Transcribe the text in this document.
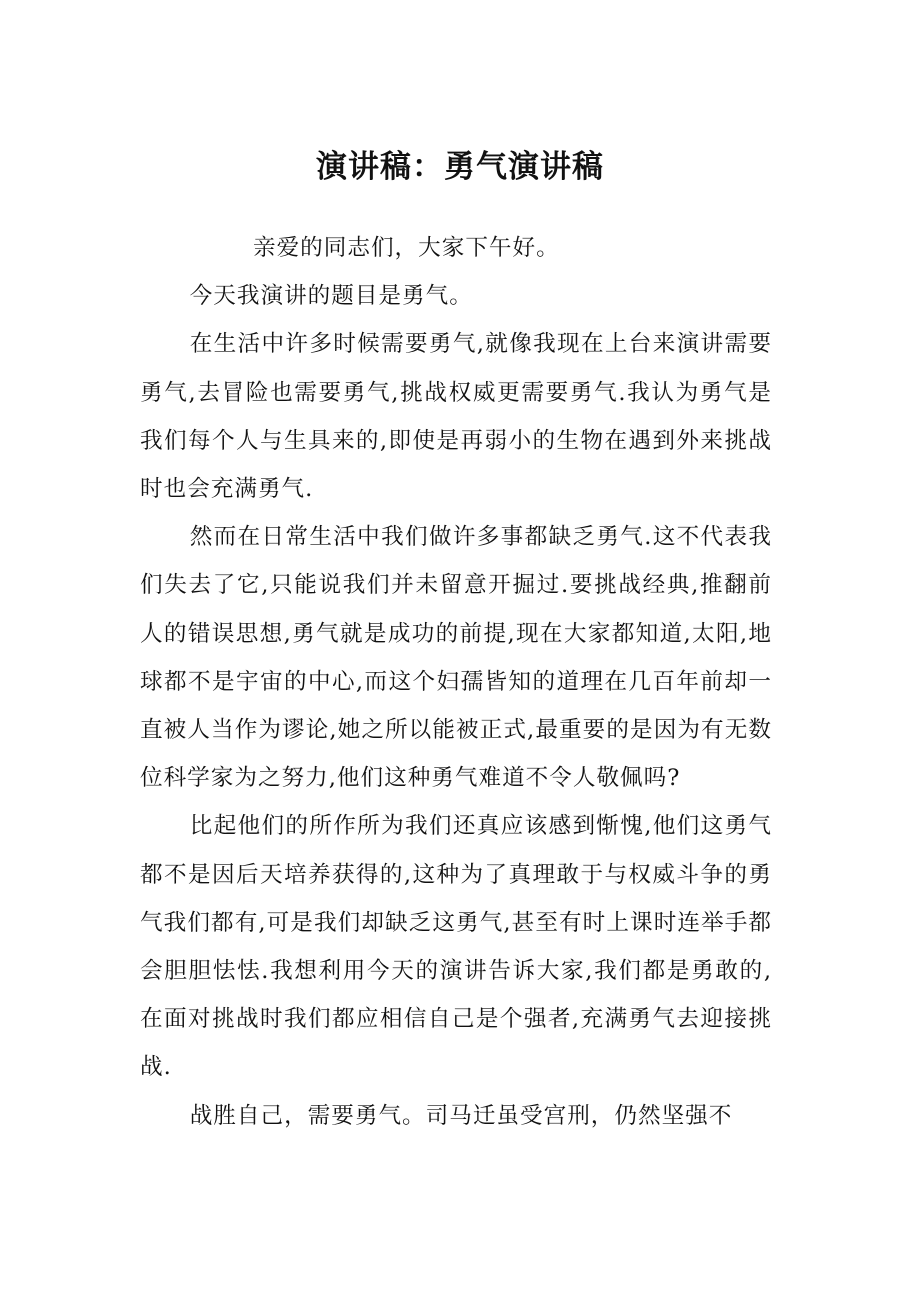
演讲稿：勇气演讲稿

亲爱的同志们，大家下午好。

今天我演讲的题目是勇气。

在生活中许多时候需要勇气,就像我现在上台来演讲需要勇气,去冒险也需要勇气,挑战权威更需要勇气.我认为勇气是我们每个人与生具来的,即使是再弱小的生物在遇到外来挑战时也会充满勇气.

然而在日常生活中我们做许多事都缺乏勇气.这不代表我们失去了它,只能说我们并未留意开掘过.要挑战经典,推翻前人的错误思想,勇气就是成功的前提,现在大家都知道,太阳,地球都不是宇宙的中心,而这个妇孺皆知的道理在几百年前却一直被人当作为谬论,她之所以能被正式,最重要的是因为有无数位科学家为之努力,他们这种勇气难道不令人敬佩吗?

比起他们的所作所为我们还真应该感到惭愧,他们这勇气都不是因后天培养获得的,这种为了真理敢于与权威斗争的勇气我们都有,可是我们却缺乏这勇气,甚至有时上课时连举手都会胆胆怯怯.我想利用今天的演讲告诉大家,我们都是勇敢的,在面对挑战时我们都应相信自己是个强者,充满勇气去迎接挑战.

战胜自己，需要勇气。司马迁虽受宫刑，仍然坚强不
